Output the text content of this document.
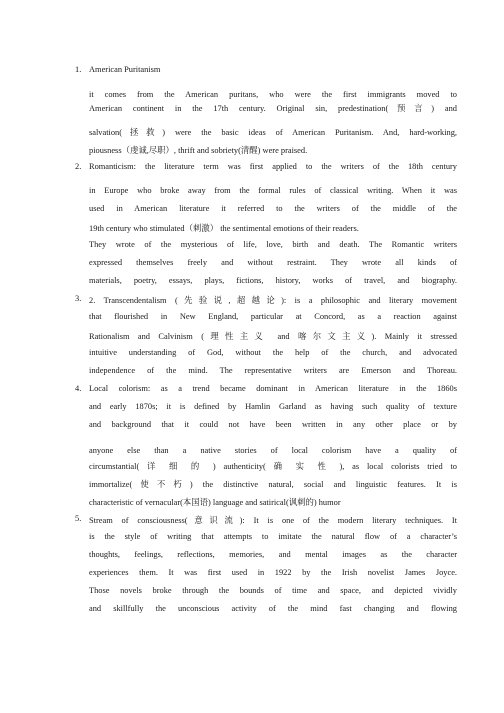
1. American Puritanism
it comes from the American puritans, who were the first immigrants moved to
American continent in the 17th century. Original sin, predestination(预言) and
salvation(拯救) were the basic ideas of American Puritanism. And, hard-working,
piousness（虔诚,尽职）, thrift and sobriety(清醒) were praised.
2. Romanticism: the literature term was first applied to the writers of the 18th century
in Europe who broke away from the formal rules of classical writing. When it was
used in American literature it referred to the writers of the middle of the
19th century who stimulated（刺激） the sentimental emotions of their readers.
They wrote of the mysterious of life, love, birth and death. The Romantic writers
expressed themselves freely and without restraint. They wrote all kinds of
materials, poetry, essays, plays, fictions, history, works of travel, and biography.
3. 2. Transcendentalism (先验说,超越论): is a philosophic and literary movement
that flourished in New England, particular at Concord, as a reaction against
Rationalism and Calvinism (理性主义 and 喀尔文主义). Mainly it stressed
intuitive understanding of God, without the help of the church, and advocated
independence of the mind. The representative writers are Emerson and Thoreau.
4. Local colorism: as a trend became dominant in American literature in the 1860s
and early 1870s; it is defined by Hamlin Garland as having such quality of texture
and background that it could not have been written in any other place or by
anyone else than a native stories of local colorism have a quality of
circumstantial( 详 细 的 ) authenticity( 确 实 性 ), as local colorists tried to
immortalize(使不朽) the distinctive natural, social and linguistic features. It is
characteristic of vernacular(本国语) language and satirical(讽刺的) humor
5. Stream of consciousness(意识流): It is one of the modern literary techniques. It
is the style of writing that attempts to imitate the natural flow of a character’s
thoughts, feelings, reflections, memories, and mental images as the character
experiences them. It was first used in 1922 by the Irish novelist James Joyce.
Those novels broke through the bounds of time and space, and depicted vividly
and skillfully the unconscious activity of the mind fast changing and flowing
